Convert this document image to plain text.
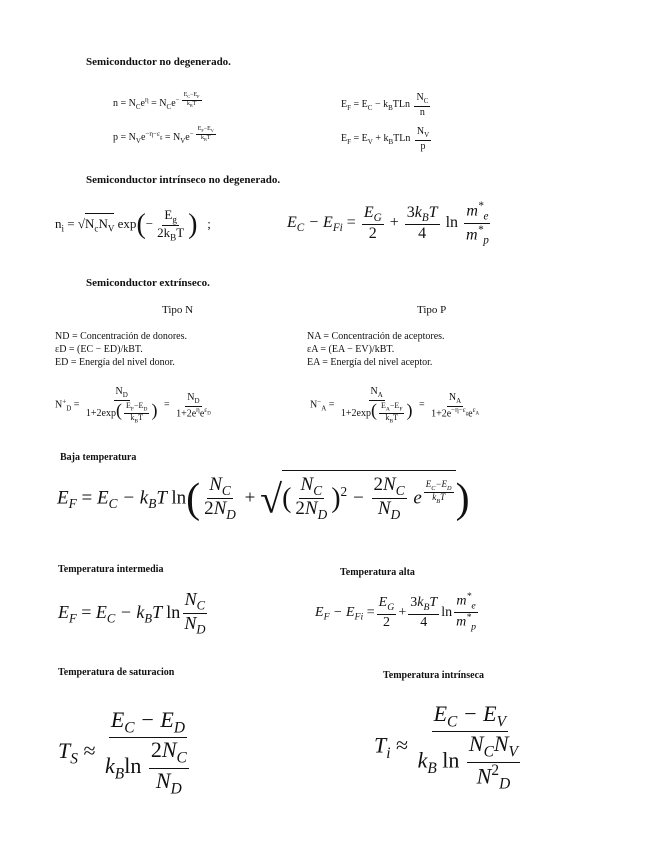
Semiconductor no degenerado.
$n = N_Ce^\eta = N_Ce^{- \frac{E_C-E_F}{k_BT}}$	$E_F = E_C - k_BTLn \frac{N_C}{n}$
$p = N_Ve^{-\eta-\varepsilon_g} = N_Ve^{- \frac{E_F-E_V}{k_BT}}$	$E_F = E_V + k_BTLn \frac{N_V}{p}$
Semiconductor intrínseco no degenerado.
$n_i = √N_cN_V$ $\exp(- \frac{E_g}{2k_BT}$ )   ;	$E_C - E_{Fi} = \frac{E_G}{2} + \frac{3k_BT}{4}$ $\ln \frac{m^*_e}{m^*_p}$
Semiconductor extrínseco.
Tipo N	Tipo P
ND = Concentración de donores.
εD = (EC − ED)/kBT.
ED = Energía del nivel donor.
NA = Concentración de aceptores.
εA = (EA − EV)/kBT.
EA = Energía del nivel aceptor.
$N^+_D = \frac{N_D}{1+2\exp( \frac{E_F-E_D}{k_BT} )} = \frac{N_D}{1+2e^\eta e^{\varepsilon_D}}$	$N^-_A = \frac{N_A}{1+2\exp( \frac{E_A-E_F}{k_BT} )} = \frac{N_A}{1+2e^{-\eta-\varepsilon_g}e^{\varepsilon_A}}$
Baja temperatura
$E_F = E_C - k_BT$ $\ln( \frac{N_C}{2N_D}$ + √( $\frac{N_C}{2N_D} )^2 - \frac{2N_C}{N_D}$ e $^{\frac{E_C-E_D}{k_BT}}$ )
Temperatura intermedia
$E_F = E_C - k_BT$ $\ln \frac{N_C}{N_D}$
Temperatura alta
$E_F - E_{Fi} = \frac{E_G}{2} + \frac{3k_BT}{4}$ $\ln \frac{m^*_e}{m^*_p}$
Temperatura de saturacion
$T_S \approx \frac{E_C - E_D}{k_B\ln \frac{2N_C}{N_D}}$
Temperatura intrínseca
$T_i \approx \frac{E_C - E_V}{k_B \ln \frac{N_CN_V}{N^2_D}}$
